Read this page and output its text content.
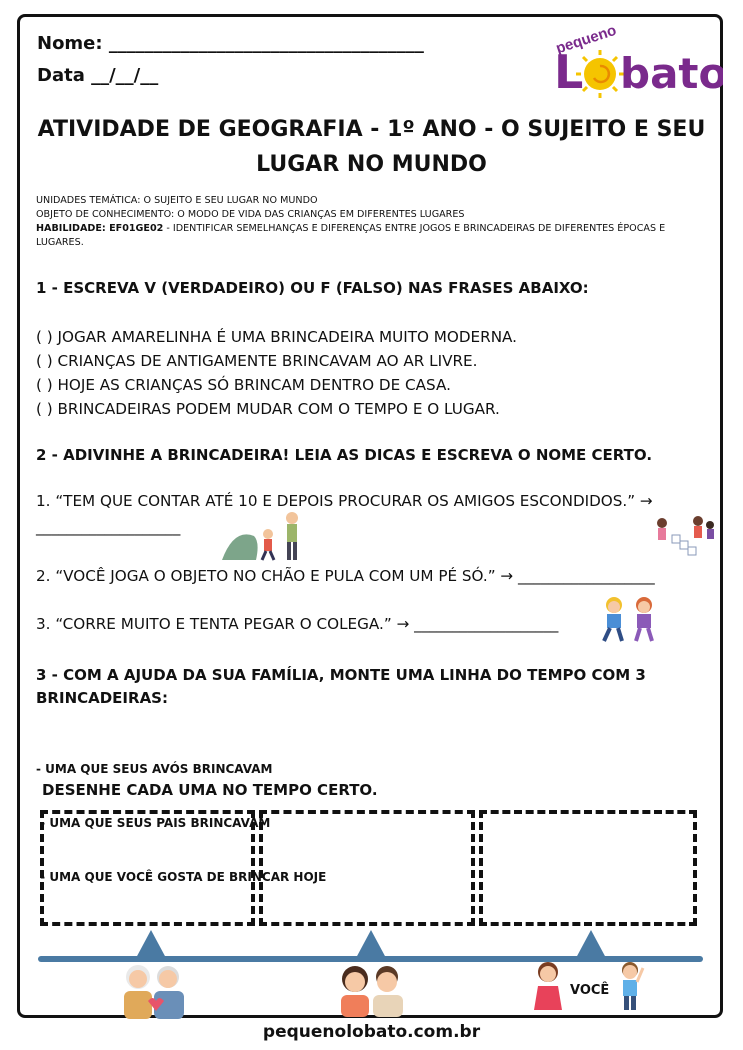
Nome: ___________________________________
Data __/__/__
pequeno
L bato
ATIVIDADE DE GEOGRAFIA - 1º ANO - O SUJEITO E SEU LUGAR NO MUNDO
UNIDADES TEMÁTICA: O SUJEITO E SEU LUGAR NO MUNDO
OBJETO DE CONHECIMENTO: O MODO DE VIDA DAS CRIANÇAS EM DIFERENTES LUGARES
HABILIDADE: EF01GE02 - IDENTIFICAR SEMELHANÇAS E DIFERENÇAS ENTRE JOGOS E BRINCADEIRAS DE DIFERENTES ÉPOCAS E LUGARES.
1 - ESCREVA V (VERDADEIRO) OU F (FALSO) NAS FRASES ABAIXO:
( ) JOGAR AMARELINHA É UMA BRINCADEIRA MUITO MODERNA.
( ) CRIANÇAS DE ANTIGAMENTE BRINCAVAM AO AR LIVRE.
( ) HOJE AS CRIANÇAS SÓ BRINCAM DENTRO DE CASA.
( ) BRINCADEIRAS PODEM MUDAR COM O TEMPO E O LUGAR.
2 - ADIVINHE A BRINCADEIRA! LEIA AS DICAS E ESCREVA O NOME CERTO.
1. “TEM QUE CONTAR ATÉ 10 E DEPOIS PROCURAR OS AMIGOS ESCONDIDOS.” →
___________________
2. “VOCÊ JOGA O OBJETO NO CHÃO E PULA COM UM PÉ SÓ.” → __________________
3. “CORRE MUITO E TENTA PEGAR O COLEGA.” → ___________________
3 - COM A AJUDA DA SUA FAMÍLIA, MONTE UMA LINHA DO TEMPO COM 3
BRINCADEIRAS:

- UMA QUE SEUS AVÓS BRINCAVAM

- UMA QUE SEUS PAIS BRINCAVAM

- UMA QUE VOCÊ GOSTA DE BRINCAR HOJE

DESENHE CADA UMA NO TEMPO CERTO.
VOCÊ
pequenolobato.com.br
